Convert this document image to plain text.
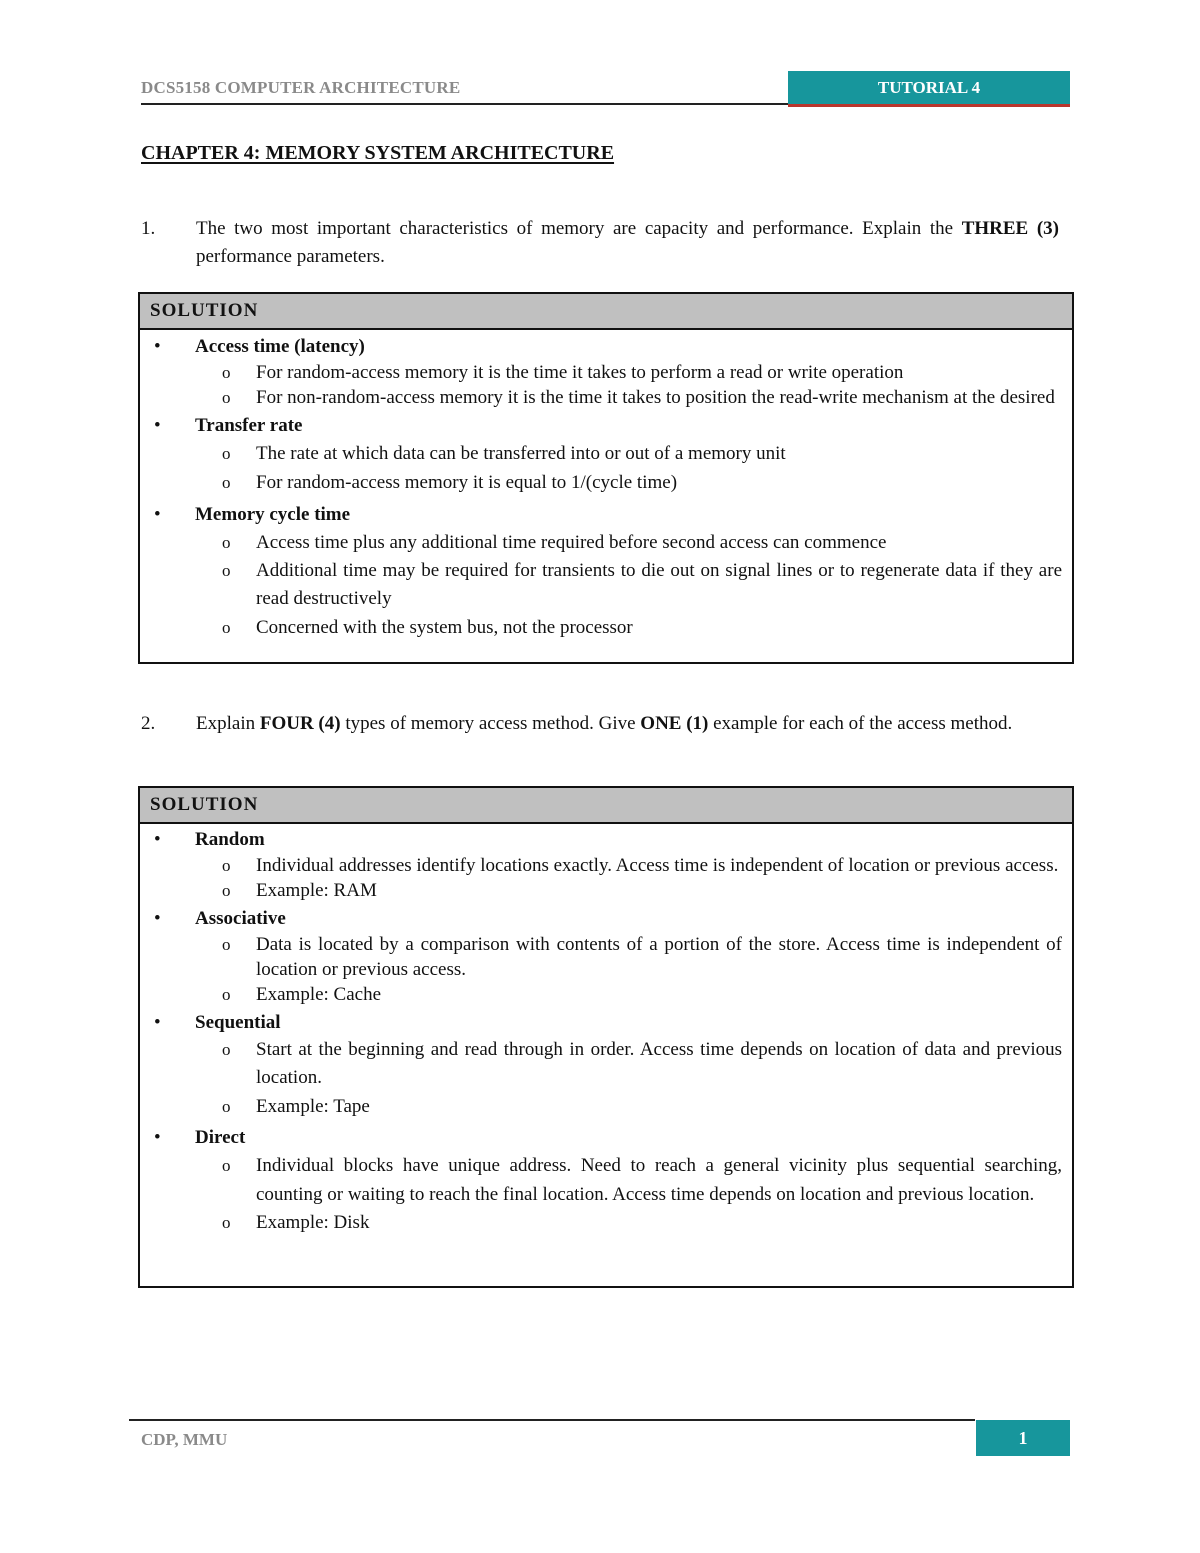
DCS5158 COMPUTER ARCHITECTURE	TUTORIAL 4
CHAPTER 4: MEMORY SYSTEM ARCHITECTURE
1. The two most important characteristics of memory are capacity and performance. Explain the THREE (3) performance parameters.
SOLUTION
• Access time (latency)
o For random-access memory it is the time it takes to perform a read or write operation
o For non-random-access memory it is the time it takes to position the read-write mechanism at the desired
• Transfer rate
o The rate at which data can be transferred into or out of a memory unit
o For random-access memory it is equal to 1/(cycle time)
• Memory cycle time
o Access time plus any additional time required before second access can commence
o Additional time may be required for transients to die out on signal lines or to regenerate data if they are read destructively
o Concerned with the system bus, not the processor
2. Explain FOUR (4) types of memory access method. Give ONE (1) example for each of the access method.
SOLUTION
• Random
o Individual addresses identify locations exactly. Access time is independent of location or previous access.
o Example: RAM
• Associative
o Data is located by a comparison with contents of a portion of the store. Access time is independent of location or previous access.
o Example: Cache
• Sequential
o Start at the beginning and read through in order. Access time depends on location of data and previous location.
o Example: Tape
• Direct
o Individual blocks have unique address. Need to reach a general vicinity plus sequential searching, counting or waiting to reach the final location. Access time depends on location and previous location.
o Example: Disk
CDP, MMU	1
